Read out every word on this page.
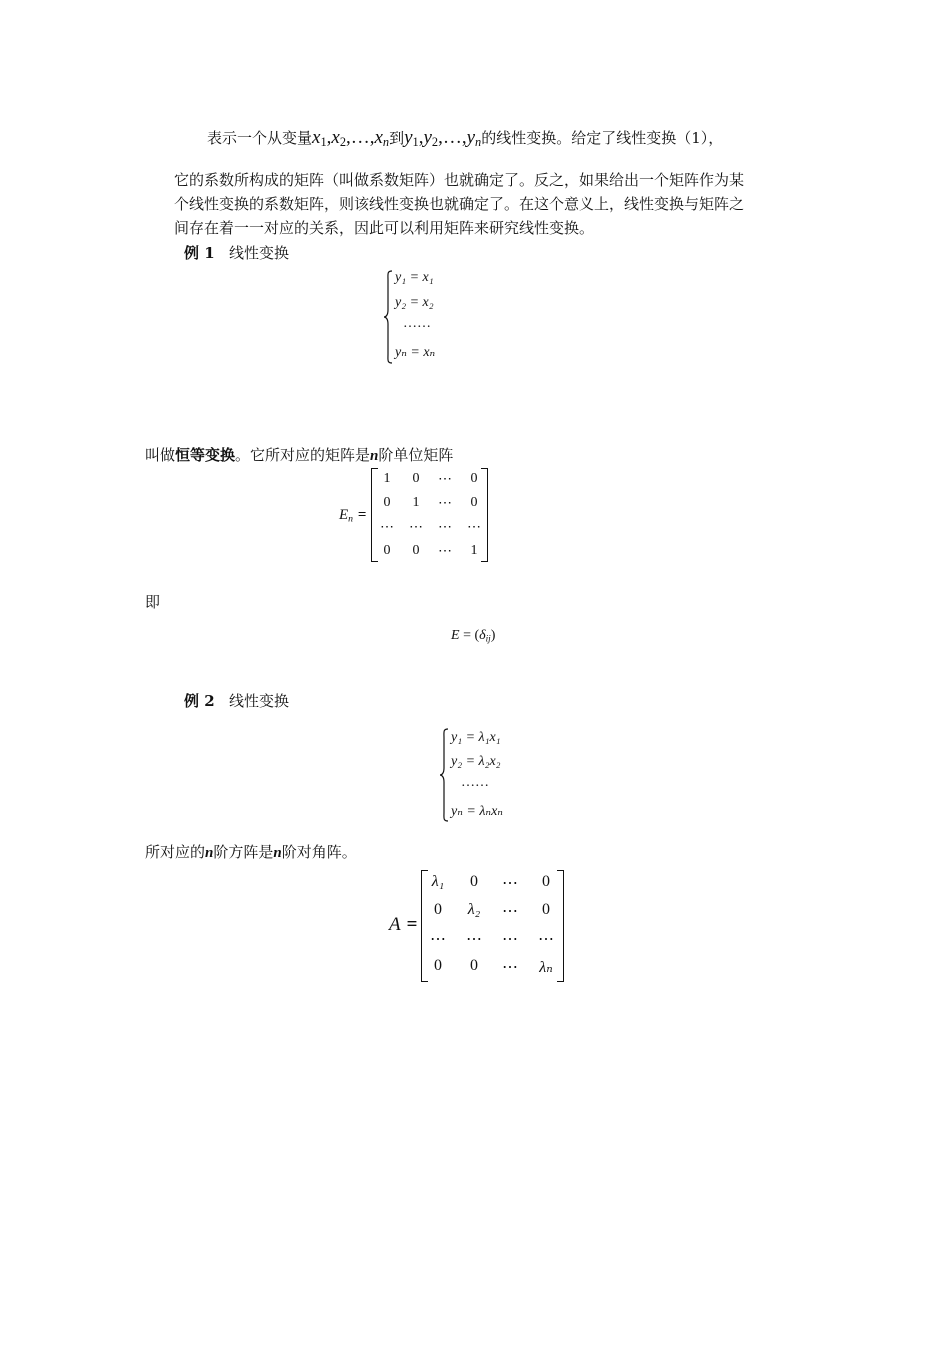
表示一个从变量$x_1,x_2,\dots,x_n$到$y_1,y_2,\dots,y_n$的线性变换。给定了线性变换（1），
它的系数所构成的矩阵（叫做系数矩阵）也就确定了。反之，如果给出一个矩阵作为某
个线性变换的系数矩阵，则该线性变换也就确定了。在这个意义上，线性变换与矩阵之
间存在着一一对应的关系，因此可以利用矩阵来研究线性变换。
例 1 线性变换
y₁ = x₁
y₂ = x₂
……
yₙ = xₙ
叫做恒等变换。它所对应的矩阵是n阶单位矩阵
$E_n$ =
1	0	⋯	0
0	1	⋯	0
⋯	⋯	⋯	⋯
0	0	⋯	1
即
$E = (\delta_{ij})$
例 2 线性变换
y₁ = λ₁x₁
y₂ = λ₂x₂
……
yₙ = λₙxₙ
所对应的n阶方阵是n阶对角阵。
A =
λ₁	0	⋯	0
0	λ₂	⋯	0
⋯	⋯	⋯	⋯
0	0	⋯	λₙ
